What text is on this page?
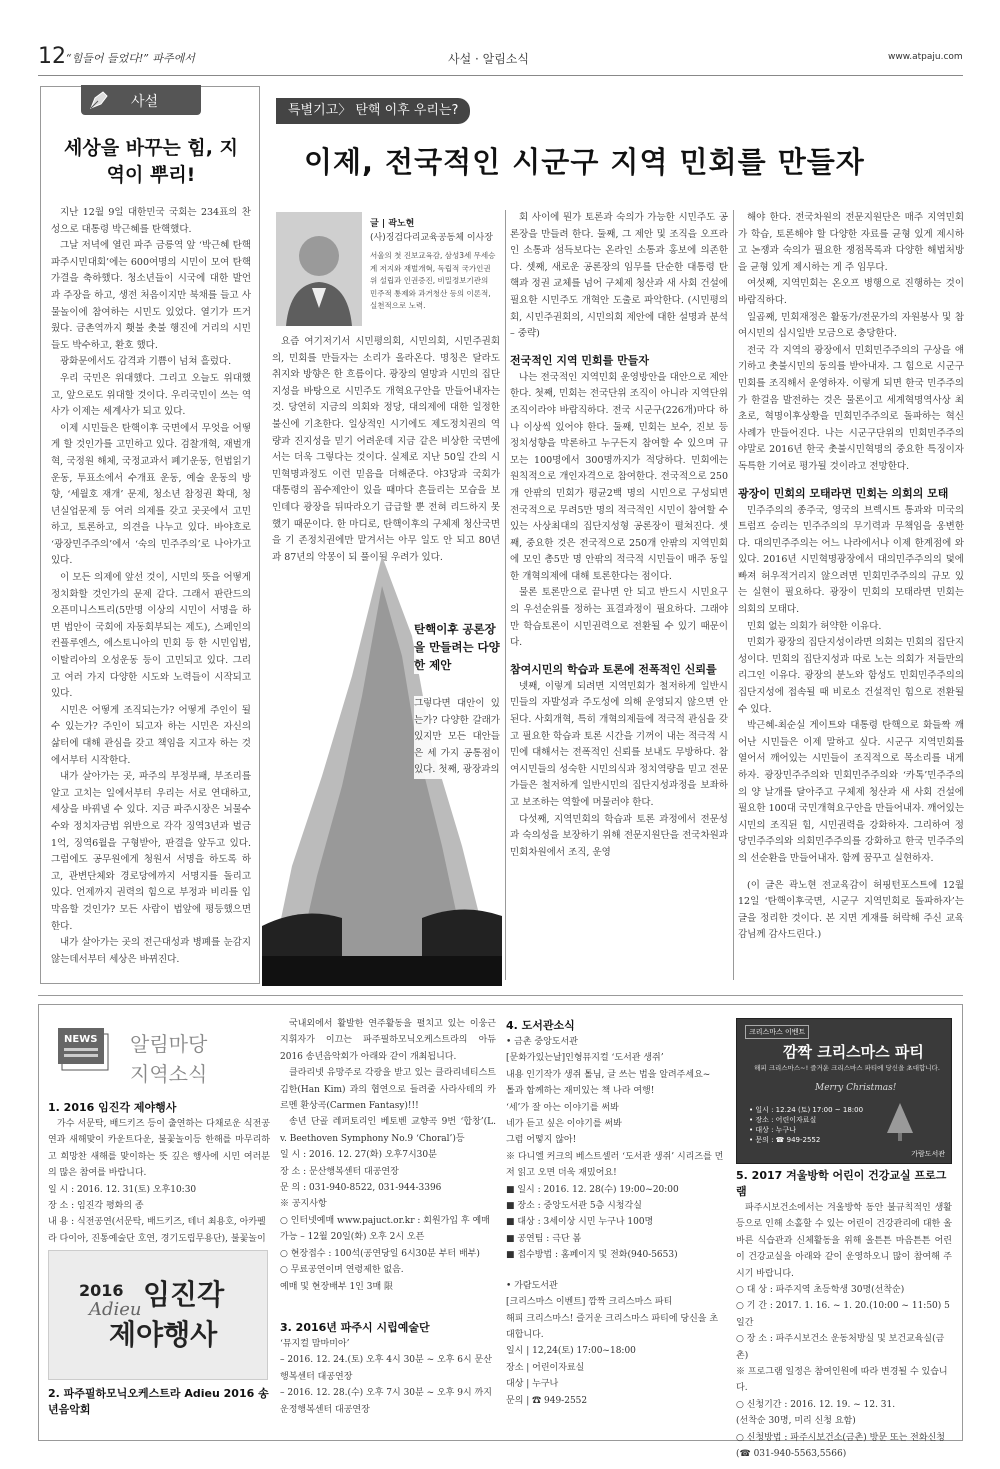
12 “힘들어 들었다!” 파주에서	사설 · 알림소식	www.atpaju.com
사설
세상을 바꾸는 힘, 지역이 뿌리!

지난 12월 9일 대한민국 국회는 234표의 찬성으로 대통령 박근혜를 탄핵했다.

그날 저녁에 열린 파주 금릉역 앞 ‘박근혜 탄핵 파주시민대회’에는 600여명의 시민이 모여 탄핵가결을 축하했다. 청소년들이 시국에 대한 발언과 주장을 하고, 생전 처음이지만 북채를 들고 사물놀이에 참여하는 시민도 있었다. 열기가 뜨거웠다. 금촌역까지 횃불 촛불 행진에 거리의 시민들도 박수하고, 환호 했다.

광화문에서도 감격과 기쁨이 넘쳐 흘렀다.

우리 국민은 위대했다. 그리고 오늘도 위대했고, 앞으로도 위대할 것이다. 우리국민이 쓰는 역사가 이제는 세계사가 되고 있다.

이제 시민들은 탄핵이후 국면에서 무엇을 어떻게 할 것인가를 고민하고 있다. 검찰개혁, 재벌개혁, 국정원 해체, 국정교과서 폐기운동, 헌법읽기 운동, 투표소에서 수개표 운동, 예술 운동의 방향, ‘세월호 재개’ 문제, 청소년 참정권 확대, 청년실업문제 등 여러 의제를 갖고 곳곳에서 고민하고, 토론하고, 의견을 나누고 있다. 바야흐로 ‘광장민주주의’에서 ‘숙의 민주주의’로 나아가고 있다.

이 모든 의제에 앞선 것이, 시민의 뜻을 어떻게 정치화할 것인가의 문제 같다. 그래서 판란드의 오픈미니스트리(5만명 이상의 시민이 서명을 하면 법안이 국회에 자동회부되는 제도), 스페인의 컨플루엔스, 에스토니아의 민회 등 한 시민입법, 이탈리아의 오성운동 등이 고민되고 있다. 그리고 여러 가지 다양한 시도와 노력들이 시작되고 있다.

시민은 어떻게 조직되는가? 어떻게 주인이 될 수 있는가? 주인이 되고자 하는 시민은 자신의 삶터에 대해 관심을 갖고 책임을 지고자 하는 것에서부터 시작한다.

내가 살아가는 곳, 파주의 부정부패, 부조리를 알고 고치는 일에서부터 우리는 서로 연대하고, 세상을 바꿔낼 수 있다. 지금 파주시장은 뇌물수수와 정치자금법 위반으로 각각 징역3년과 벌금 1억, 징역6월을 구형받아, 판결을 앞두고 있다. 그럼에도 공무원에게 청원서 서명을 하도록 하고, 관변단체와 경로당에까지 서명지를 돌리고 있다. 언제까지 권력의 힘으로 부정과 비리를 입막음할 것인가? 모든 사람이 법앞에 평등했으면 한다.

내가 살아가는 곳의 전근대성과 병폐를 눈감지 않는데서부터 세상은 바뀌진다.

특별기고〉 탄핵 이후 우리는?
이제, 전국적인 시군구 지역 민회를 만들자
글 | 곽노현
(사)징검다리교육공동체 이사장
서울의 첫 진보교육감, 삼성3세 무세승계 저지와 재벌개혁, 독립적 국가인권위 설립과 인권증진, 비밀정보기관의 민주적 통제와 과거청산 등의 이론적, 실천적으로 노력.

요즘 여기저기서 시민평의회, 시민의회, 시민주권회의, 민회를 만들자는 소리가 올라온다. 명칭은 달라도 취지와 방향은 한 흐름이다. 광장의 열망과 시민의 집단지성을 바탕으로 시민주도 개혁요구안을 만들어내자는 것. 당연히 지금의 의회와 정당, 대의제에 대한 일정한 불신에 기초한다. 일상적인 시기에도 제도정치권의 역량과 진지성을 믿기 어려운데 지금 같은 비상한 국면에서는 더욱 그렇다는 것이다. 실제로 지난 50일 간의 시민혁명과정도 이런 믿음을 더해준다. 야3당과 국회가 대통령의 꼼수제안이 있을 때마다 흔들리는 모습을 보인데다 광장을 뒤따라오기 급급할 뿐 전혀 리드하지 못했기 때문이다. 한 마디로, 탄핵이후의 구체제 청산국면을 기 존정치권에만 맡겨서는 아무 일도 안 되고 80년과 87년의 악몽이 되 풀이될 우려가 있다.

탄핵이후 공론장을 만들려는 다양한 제안

그렇다면 대안이 있는가? 다양한 갈래가 있지만 모든 대안들은 세 가지 공통점이 있다. 첫째, 광장과의

회 사이에 뭔가 토론과 숙의가 가능한 시민주도 공론장을 만들려 한다. 둘째, 그 제안 및 조직을 오프라인 소통과 섬득보다는 온라인 소통과 홍보에 의존한다. 셋째, 새로운 공론장의 임무를 단순한 대통령 탄핵과 정권 교체를 넘어 구체제 청산과 새 사회 건설에 필요한 시민주도 개혁안 도출로 파악한다. (시민평의회, 시민주권회의, 시민의회 제안에 대한 설명과 분석 – 중략)

전국적인 지역 민회를 만들자

나는 전국적인 지역민회 운영방안을 대안으로 제안한다. 첫째, 민회는 전국단위 조직이 아니라 지역단위 조직이라야 바람직하다. 전국 시군구(226개)마다 하나 이상씩 있어야 한다. 둘째, 민회는 보수, 진보 등 정치성향을 막론하고 누구든지 참여할 수 있으며 규모는 100명에서 300명까지가 적당하다. 민회에는 원칙적으로 개인자격으로 참여한다. 전국적으로 250개 안팎의 민회가 평균2백 명의 시민으로 구성되면 전국적으로 무려5만 명의 적극적인 시민이 참여할 수 있는 사상최대의 집단지성형 공론장이 펼쳐진다. 셋째, 중요한 것은 전국적으로 250개 안팎의 지역민회에 모인 총5만 명 안팎의 적극적 시민들이 매주 동일한 개혁의제에 대해 토론한다는 점이다.

물론 토론만으로 끝나면 안 되고 반드시 시민요구의 우선순위를 정하는 표결과정이 필요하다. 그래야만 학습토론이 시민권력으로 전환될 수 있기 때문이다.

참여시민의 학습과 토론에 전폭적인 신뢰를

넷째, 이렇게 되려면 지역민회가 철저하게 일반시민들의 자발성과 주도성에 의해 운영되지 않으면 안 된다. 사회개혁, 특히 개혁의제들에 적극적 관심을 갖고 필요한 학습과 토론 시간을 기꺼이 내는 적극적 시민에 대해서는 전폭적인 신뢰를 보내도 무방하다. 참여시민들의 성숙한 시민의식과 정치역량을 믿고 전문가들은 철저하게 일반시민의 집단지성과정을 보좌하고 보조하는 역할에 머물러야 한다.

다섯째, 지역민회의 학습과 토론 과정에서 전문성과 숙의성을 보장하기 위해 전문지원단을 전국차원과 민회차원에서 조직, 운영

해야 한다. 전국차원의 전문지원단은 매주 지역민회가 학습, 토론해야 할 다양한 자료를 균형 있게 제시하고 논쟁과 숙의가 필요한 쟁점목록과 다양한 해법처방을 균형 있게 제시하는 게 주 임무다.

여섯째, 지역민회는 온오프 병행으로 진행하는 것이 바람직하다.

일곱째, 민회재정은 활동가/전문가의 자원봉사 및 참여시민의 십시일반 모금으로 충당한다.

전국 각 지역의 광장에서 민회민주주의의 구상을 얘기하고 촛불시민의 동의를 받아내자. 그 힘으로 시군구 민회를 조직해서 운영하자. 이렇게 되면 한국 민주주의가 한걸음 발전하는 것은 물론이고 세계혁명역사상 최초로, 혁명이후상황을 민회민주주의로 돌파하는 혁신사례가 만들어진다. 나는 시군구단위의 민회민주주의야말로 2016년 한국 촛불시민혁명의 중요한 특징이자 독특한 기여로 평가될 것이라고 전망한다.

광장이 민회의 모태라면 민회는 의회의 모태

민주주의의 종주국, 영국의 브렉시트 통과와 미국의 트럼프 승리는 민주주의의 무기력과 무책임을 웅변한다. 대의민주주의는 어느 나라에서나 이제 한계점에 와있다. 2016년 시민혁명광장에서 대의민주주의의 덫에 빠져 허우적거리지 않으려면 민회민주주의의 규모 있는 실현이 필요하다. 광장이 민회의 모태라면 민회는 의회의 모태다.

민회 없는 의회가 허약한 이유다.

민회가 광장의 집단지성이라면 의회는 민회의 집단지성이다. 민회의 집단지성과 따로 노는 의회가 저들만의 리그인 이유다. 광장의 분노와 함성도 민회민주주의의 집단지성에 접속될 때 비로소 건설적인 힘으로 전환될 수 있다.

박근혜-최순실 게이트와 대통령 탄핵으로 화들짝 깨어난 시민들은 이제 말하고 싶다. 시군구 지역민회를 열어서 깨어있는 시민들이 조직적으로 목소리를 내게 하자. 광장민주주의와 민회민주주의와 ‘카톡’민주주의의 양 날개를 달아주고 구체제 청산과 새 사회 건설에 필요한 100대 국민개혁요구안을 만들어내자. 깨어있는 시민의 조직된 힘, 시민권력을 강화하자. 그리하여 정당민주주의와 의회민주주의를 강화하고 한국 민주주의의 선순환을 만들어내자. 함께 꿈꾸고 실현하자.

(이 글은 곽노현 전교육감이 허핑턴포스트에 12월 12일 ‘탄핵이후국면, 시군구 지역민회로 돌파하자’는 글을 정리한 것이다. 본 지면 게재를 허락해 주신 교육감님께 감사드린다.)

NEWS 알림마당
지역소식
1. 2016 임진각 제야행사
가수 서문탁, 배드키즈 등이 출연하는 다채로운 식전공연과 새해맞이 카운트다운, 불꽃놀이등 한해를 마무리하고 희망찬 새해를 맞이하는 뜻 깊은 행사에 시민 여러분의 많은 참여를 바랍니다.
일 시 : 2016. 12. 31(토) 오후10:30
장 소 : 임진각 평화의 종
내 용 : 식전공연(서문탁, 배드키즈, 테너 최용호, 아카펠라 다이아, 진통예술단 호연, 경기도립무용단), 불꽃놀이
2016
Adieu 임진각
제야행사
2. 파주필하모닉오케스트라 Adieu 2016 송년음악회
국내외에서 활발한 연주활동을 펼치고 있는 이웅근 지휘자가 이끄는 파주필하모닉오케스트라의 아듀 2016 송년음악회가 아래와 같이 개최됩니다.
클라리넷 유망주로 각광을 받고 있는 클라리네티스트 김한(Han Kim) 과의 협연으로 들려줄 사라사테의 카르멘 환상곡(Carmen Fantasy)!!!
송년 단골 레퍼토리인 베토벤 교향곡 9번 ‘합창’(L. v. Beethoven Symphony No.9 ‘Choral’)등
일 시 : 2016. 12. 27(화) 오후7시30분
장 소 : 문산행복센터 대공연장
문 의 : 031-940-8522, 031-944-3396
※ 공지사항
○ 인터넷예매 www.pajuct.or.kr : 회원가입 후 예매가능 – 12월 20일(화) 오후 2시 오픈
○ 현장접수 : 100석(공연당일 6시30분 부터 배부)
○ 무료공연이며 연령제한 없음.
예매 및 현장배부 1인 3매 限
3. 2016년 파주시 시립예술단
‘뮤지컬 맘마미아’
– 2016. 12. 24.(토) 오후 4시 30분 ~ 오후 6시 문산행복센터 대공연장
– 2016. 12. 28.(수) 오후 7시 30분 ~ 오후 9시 까지 운정행복센터 대공연장
4. 도서관소식
• 금촌 중앙도서관
[문화가있는날]인형뮤지컬 ‘도서관 생쥐’
내용 인기작가 생쥐 톨님, 글 쓰는 법을 알려주세요~
톨과 함께하는 재미있는 책 나라 여행!
‘세’가 잘 아는 이야기를 써봐
네가 듣고 싶은 이야기를 써봐
그럼 어떻지 않아!
※ 다니엘 커크의 베스트셀러 ‘도서관 생쥐’ 시리즈를 먼저 읽고 오면 더욱 재밌어요!
■ 일시 : 2016. 12. 28(수) 19:00~20:00
■ 장소 : 중앙도서관 5층 시청각실
■ 대상 : 3세이상 시민 누구나 100명
■ 공연팀 : 극단 봄
■ 접수방법 : 홈페이지 및 전화(940-5653)
• 가람도서관
[크리스마스 이벤트] 깜짝 크리스마스 파티
해피 크리스마스! 즐거운 크리스마스 파티에 당신을 초대합니다.
일시 | 12,24(토) 17:00~18:00
장소 | 어린이자료실
대상 | 누구나
문의 | ☎ 949-2552
크리스마스 이벤트
깜짝 크리스마스 파티
해피 크리스마스~! 즐거운 크리스마스 파티에 당신을 초대합니다.
Merry Christmas!
• 일시 : 12.24 (토) 17:00 ~ 18:00
• 장소 : 어린이자료실
• 대상 : 누구나
• 문의 : ☎ 949-2552
가람도서관
5. 2017 겨울방학 어린이 건강교실 프로그램
파주시보건소에서는 겨울방학 동안 불규칙적인 생활 등으로 인해 소홀할 수 있는 어린이 건강관리에 대한 올바른 식습관과 신체활동을 위해 올튼튼 마음튼튼 어린이 건강교실을 아래와 같이 운영하오니 많이 참여해 주시기 바랍니다.
○ 대 상 : 파주지역 초등학생 30명(선착순)
○ 기 간 : 2017. 1. 16. ~ 1. 20.(10:00 ~ 11:50) 5일간
○ 장 소 : 파주시보건소 운동처방실 및 보건교육실(금촌)
※ 프로그램 일정은 참여인원에 따라 변경될 수 있습니다.
○ 신청기간 : 2016. 12. 19. ~ 12. 31.
(선착순 30명, 미리 신청 요함)
○ 신청방법 : 파주시보건소(금촌) 방문 또는 전화신청
(☎ 031-940-5563,5566)
